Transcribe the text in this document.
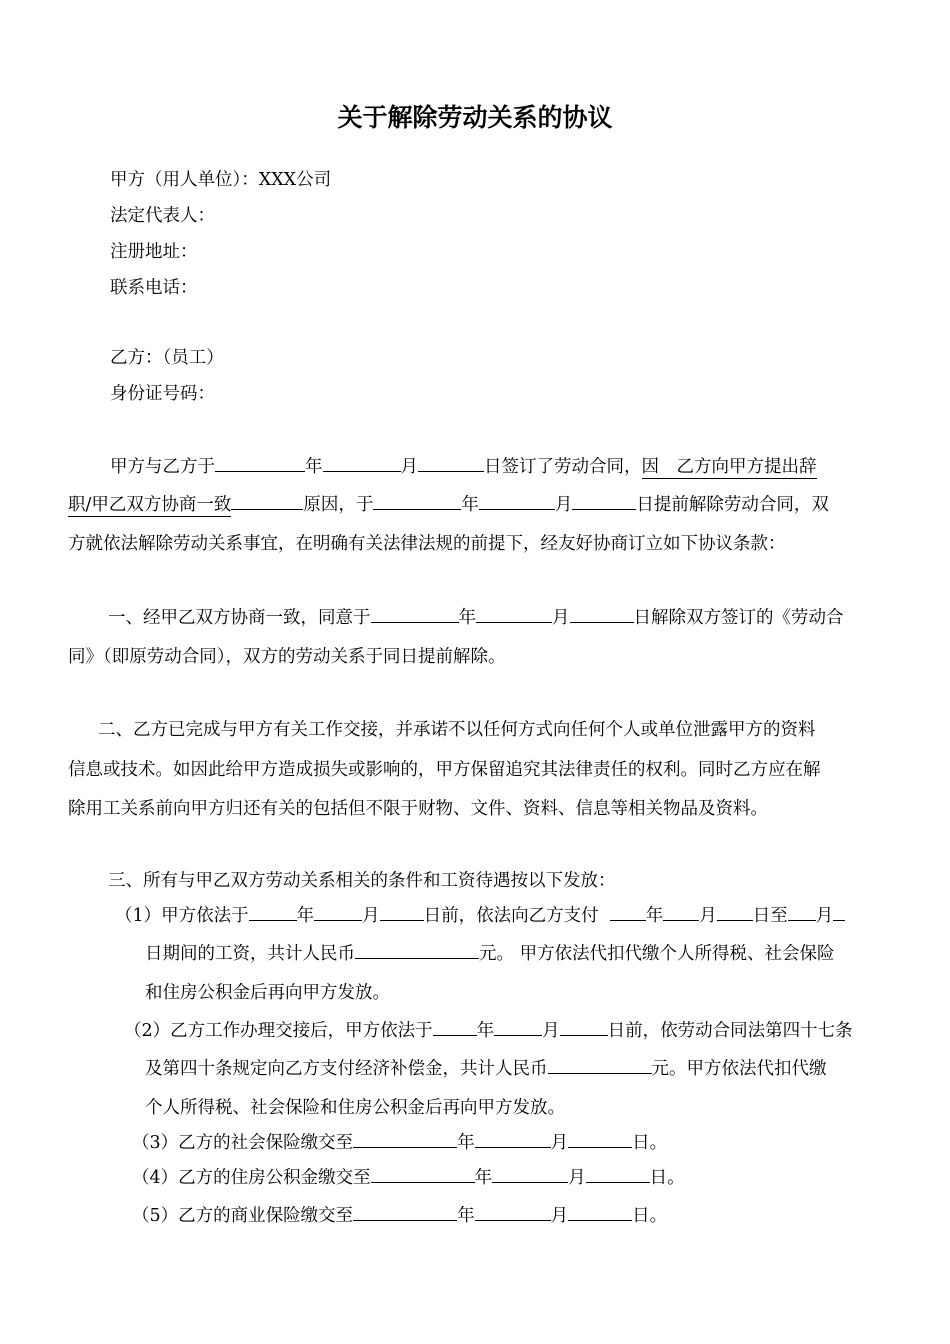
关于解除劳动关系的协议
甲方（用人单位）：XXX公司
法定代表人：
注册地址：
联系电话：
乙方：（员工）
身份证号码：
甲方与乙方于	年	月	日签订了劳动合同，因　乙方向甲方提出辞
职/甲乙双方协商一致	原因，于	年	月	日提前解除劳动合同，双
方就依法解除劳动关系事宜，在明确有关法律法规的前提下，经友好协商订立如下协议条款：
一、经甲乙双方协商一致，同意于	年	月	日解除双方签订的《劳动合
同》（即原劳动合同），双方的劳动关系于同日提前解除。
二、乙方已完成与甲方有关工作交接，并承诺不以任何方式向任何个人或单位泄露甲方的资料
信息或技术。如因此给甲方造成损失或影响的，甲方保留追究其法律责任的权利。同时乙方应在解
除用工关系前向甲方归还有关的包括但不限于财物、文件、资料、信息等相关物品及资料。
三、所有与甲乙双方劳动关系相关的条件和工资待遇按以下发放：
（1）甲方依法于	年	月	日前，依法向乙方支付	年 月 日至 月
日期间的工资，共计人民币	元。 甲方依法代扣代缴个人所得税、社会保险
和住房公积金后再向甲方发放。
（2）乙方工作办理交接后，甲方依法于	年	月	日前，依劳动合同法第四十七条
及第四十条规定向乙方支付经济补偿金，共计人民币	元。甲方依法代扣代缴
个人所得税、社会保险和住房公积金后再向甲方发放。
（3）乙方的社会保险缴交至	年	月	日。
（4）乙方的住房公积金缴交至	年	月	日。
（5）乙方的商业保险缴交至	年	月	日。
